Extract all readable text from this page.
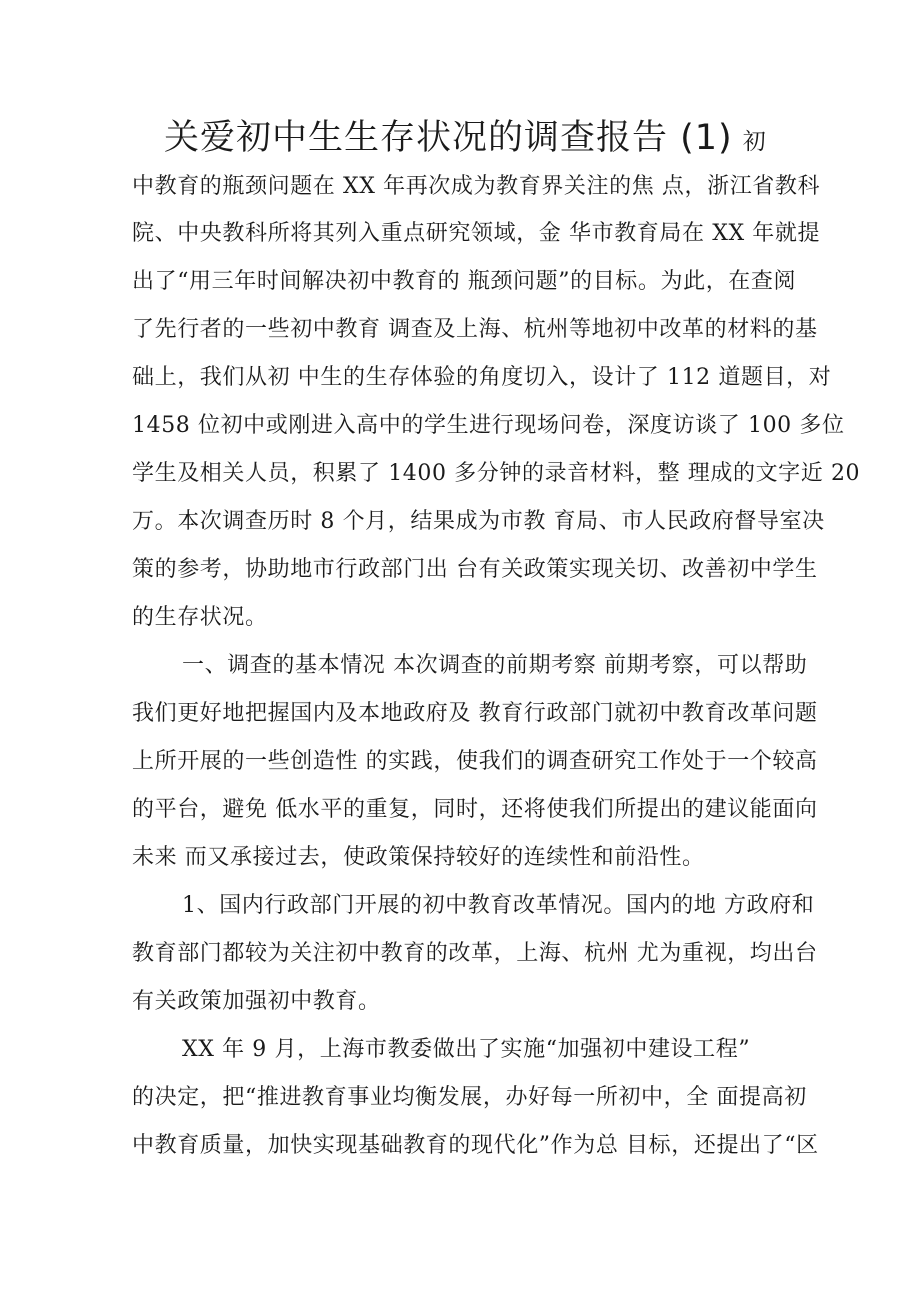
关爱初中生生存状况的调查报告 (1) 初
中教育的瓶颈问题在 XX 年再次成为教育界关注的焦 点，浙江省教科
院、中央教科所将其列入重点研究领域，金 华市教育局在 XX 年就提
出了“用三年时间解决初中教育的 瓶颈问题”的目标。为此，在查阅
了先行者的一些初中教育 调查及上海、杭州等地初中改革的材料的基
础上，我们从初 中生的生存体验的角度切入，设计了 112 道题目，对
1458 位初中或刚进入高中的学生进行现场问卷，深度访谈了 100 多位
学生及相关人员，积累了 1400 多分钟的录音材料，整 理成的文字近 20
万。本次调查历时 8 个月，结果成为市教 育局、市人民政府督导室决
策的参考，协助地市行政部门出 台有关政策实现关切、改善初中学生
的生存状况。
一、调查的基本情况 本次调查的前期考察 前期考察，可以帮助
我们更好地把握国内及本地政府及 教育行政部门就初中教育改革问题
上所开展的一些创造性 的实践，使我们的调查研究工作处于一个较高
的平台，避免 低水平的重复，同时，还将使我们所提出的建议能面向
未来 而又承接过去，使政策保持较好的连续性和前沿性。
1、国内行政部门开展的初中教育改革情况。国内的地 方政府和
教育部门都较为关注初中教育的改革，上海、杭州 尤为重视，均出台
有关政策加强初中教育。
XX 年 9 月，上海市教委做出了实施“加强初中建设工程”
的决定，把“推进教育事业均衡发展，办好每一所初中，全 面提高初
中教育质量，加快实现基础教育的现代化”作为总 目标，还提出了“区
